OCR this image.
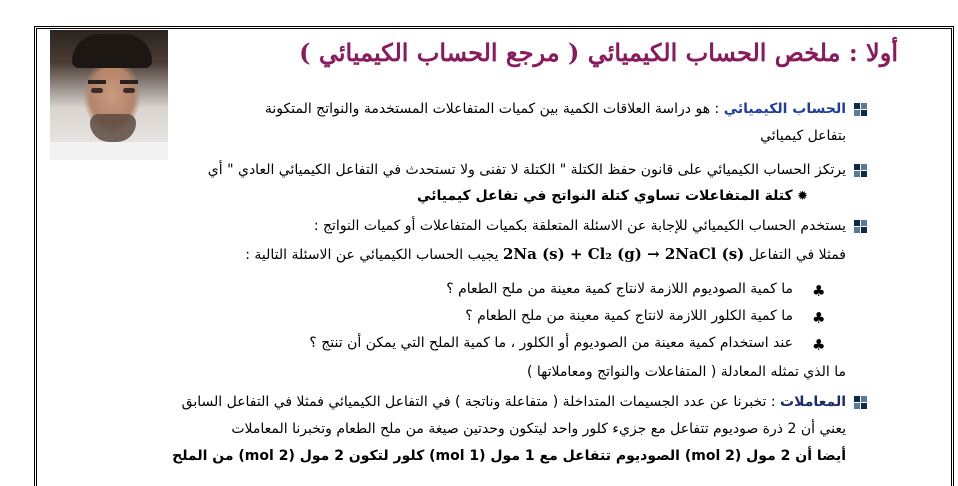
أولا : ملخص الحساب الكيميائي ( مرجع الحساب الكيميائي )
الحساب الكيميائي : هو دراسة العلاقات الكمية بين كميات المتفاعلات المستخدمة والنواتج المتكونة
بتفاعل كيميائي
يرتكز الحساب الكيميائي على قانون حفظ الكتلة " الكتلة لا تفنى ولا تستحدث في التفاعل الكيميائي العادي " أي
✹ كتلة المتفاعلات تساوي كتلة النواتج في تفاعل كيميائي
يستخدم الحساب الكيميائي للإجابة عن الاسئلة المتعلقة بكميات المتفاعلات أو كميات النواتج :
فمثلا في التفاعل 2Na (s) + Cl₂ (g) → 2NaCl (s) يجيب الحساب الكيميائي عن الاسئلة التالية :
♣
ما كمية الصوديوم اللازمة لانتاج كمية معينة من ملح الطعام ؟
♣
ما كمية الكلور اللازمة لانتاج كمية معينة من ملح الطعام ؟
♣
عند استخدام كمية معينة من الصوديوم أو الكلور ، ما كمية الملح التي يمكن أن تنتج ؟
ما الذي تمثله المعادلة ( المتفاعلات والنواتج ومعاملاتها )
المعاملات : تخبرنا عن عدد الجسيمات المتداخلة ( متفاعلة وناتجة ) في التفاعل الكيميائي فمثلا في التفاعل السابق
يعني أن 2 ذرة صوديوم تتفاعل مع جزيء كلور واحد ليتكون وحدتين صيغة من ملح الطعام وتخبرنا المعاملات
أيضا أن 2 مول (2 mol) الصوديوم تتفاعل مع 1 مول (1 mol) كلور لتكون 2 مول (2 mol) من الملح
